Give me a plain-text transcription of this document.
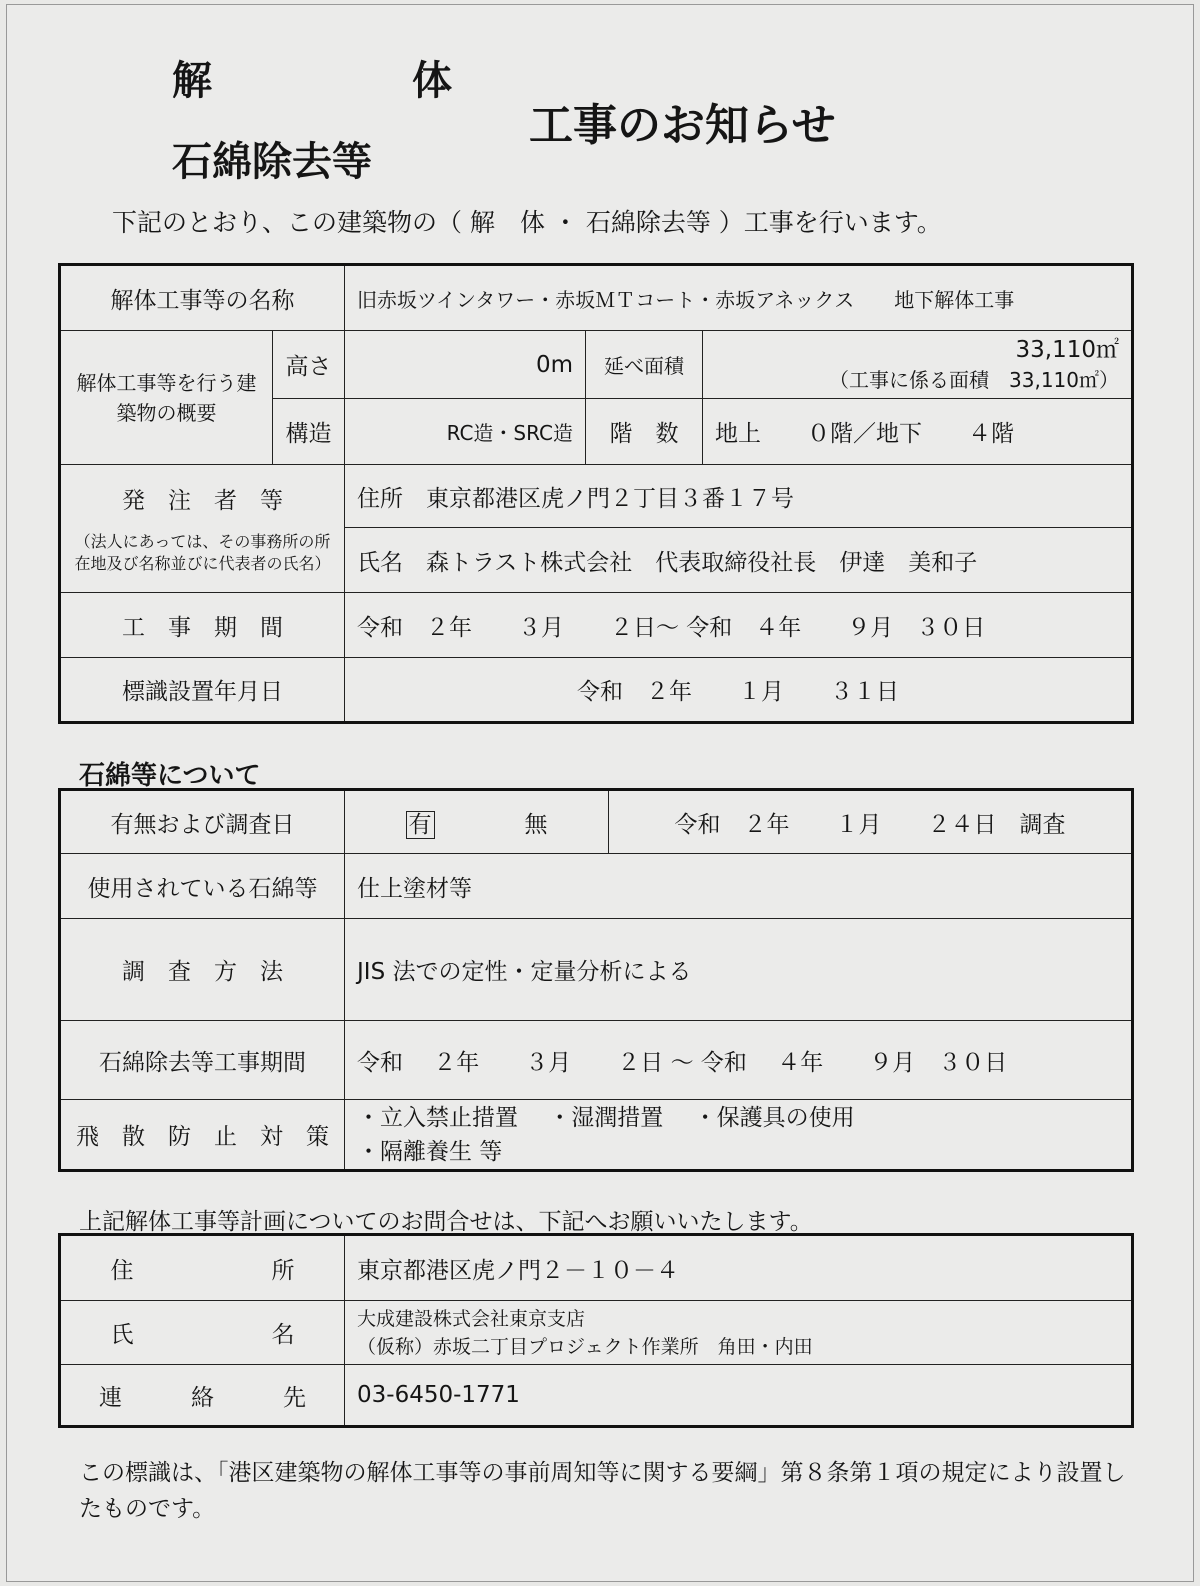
解	体
石綿除去等
工事のお知らせ
下記のとおり、この建築物の（ 解　体 ・ 石綿除去等 ）工事を行います。
解体工事等の名称		旧赤坂ツインタワー・赤坂ＭＴコート・赤坂アネックス　　地下解体工事		
解体工事等を行う建築物の概要	高さ	0m	延べ面積	33,110㎡
（工事に係る面積　33,110㎡）

	構造	RC造・SRC造	階　数	地上　　０階／地下　　４階

発　注　者　等
（法人にあっては、その事務所の所在地及び名称並びに代表者の氏名）		住所　東京都港区虎ノ門２丁目３番１７号		
		氏名　森トラスト株式会社　代表取締役社長　伊達　美和子		
工　事　期　間		令和　２年　　３月　　２日～ 令和　４年　　９月　３０日		
標識設置年月日		令和　２年　　１月　　３１日		
石綿等について
有無および調査日	有 無	令和　２年　　１月　　２４日　調査
使用されている石綿等	仕上塗材等	
調　査　方　法	JIS 法での定性・定量分析による	
石綿除去等工事期間	令和　 ２年　　３月　　２日 ～ 令和　 ４年　　９月　３０日	
飛　散　防　止　対　策	・立入禁止措置　 ・湿潤措置　 ・保護具の使用
・隔離養生 等	
上記解体工事等計画についてのお問合せは、下記へお願いいたします。
住　　　　　　所	東京都港区虎ノ門２－１０－４
氏　　　　　　名	大成建設株式会社東京支店
（仮称）赤坂二丁目プロジェクト作業所　角田・内田

連　　　絡　　　先	03-6450-1771
この標識は、「港区建築物の解体工事等の事前周知等に関する要綱」第８条第１項の規定により設置したものです。
